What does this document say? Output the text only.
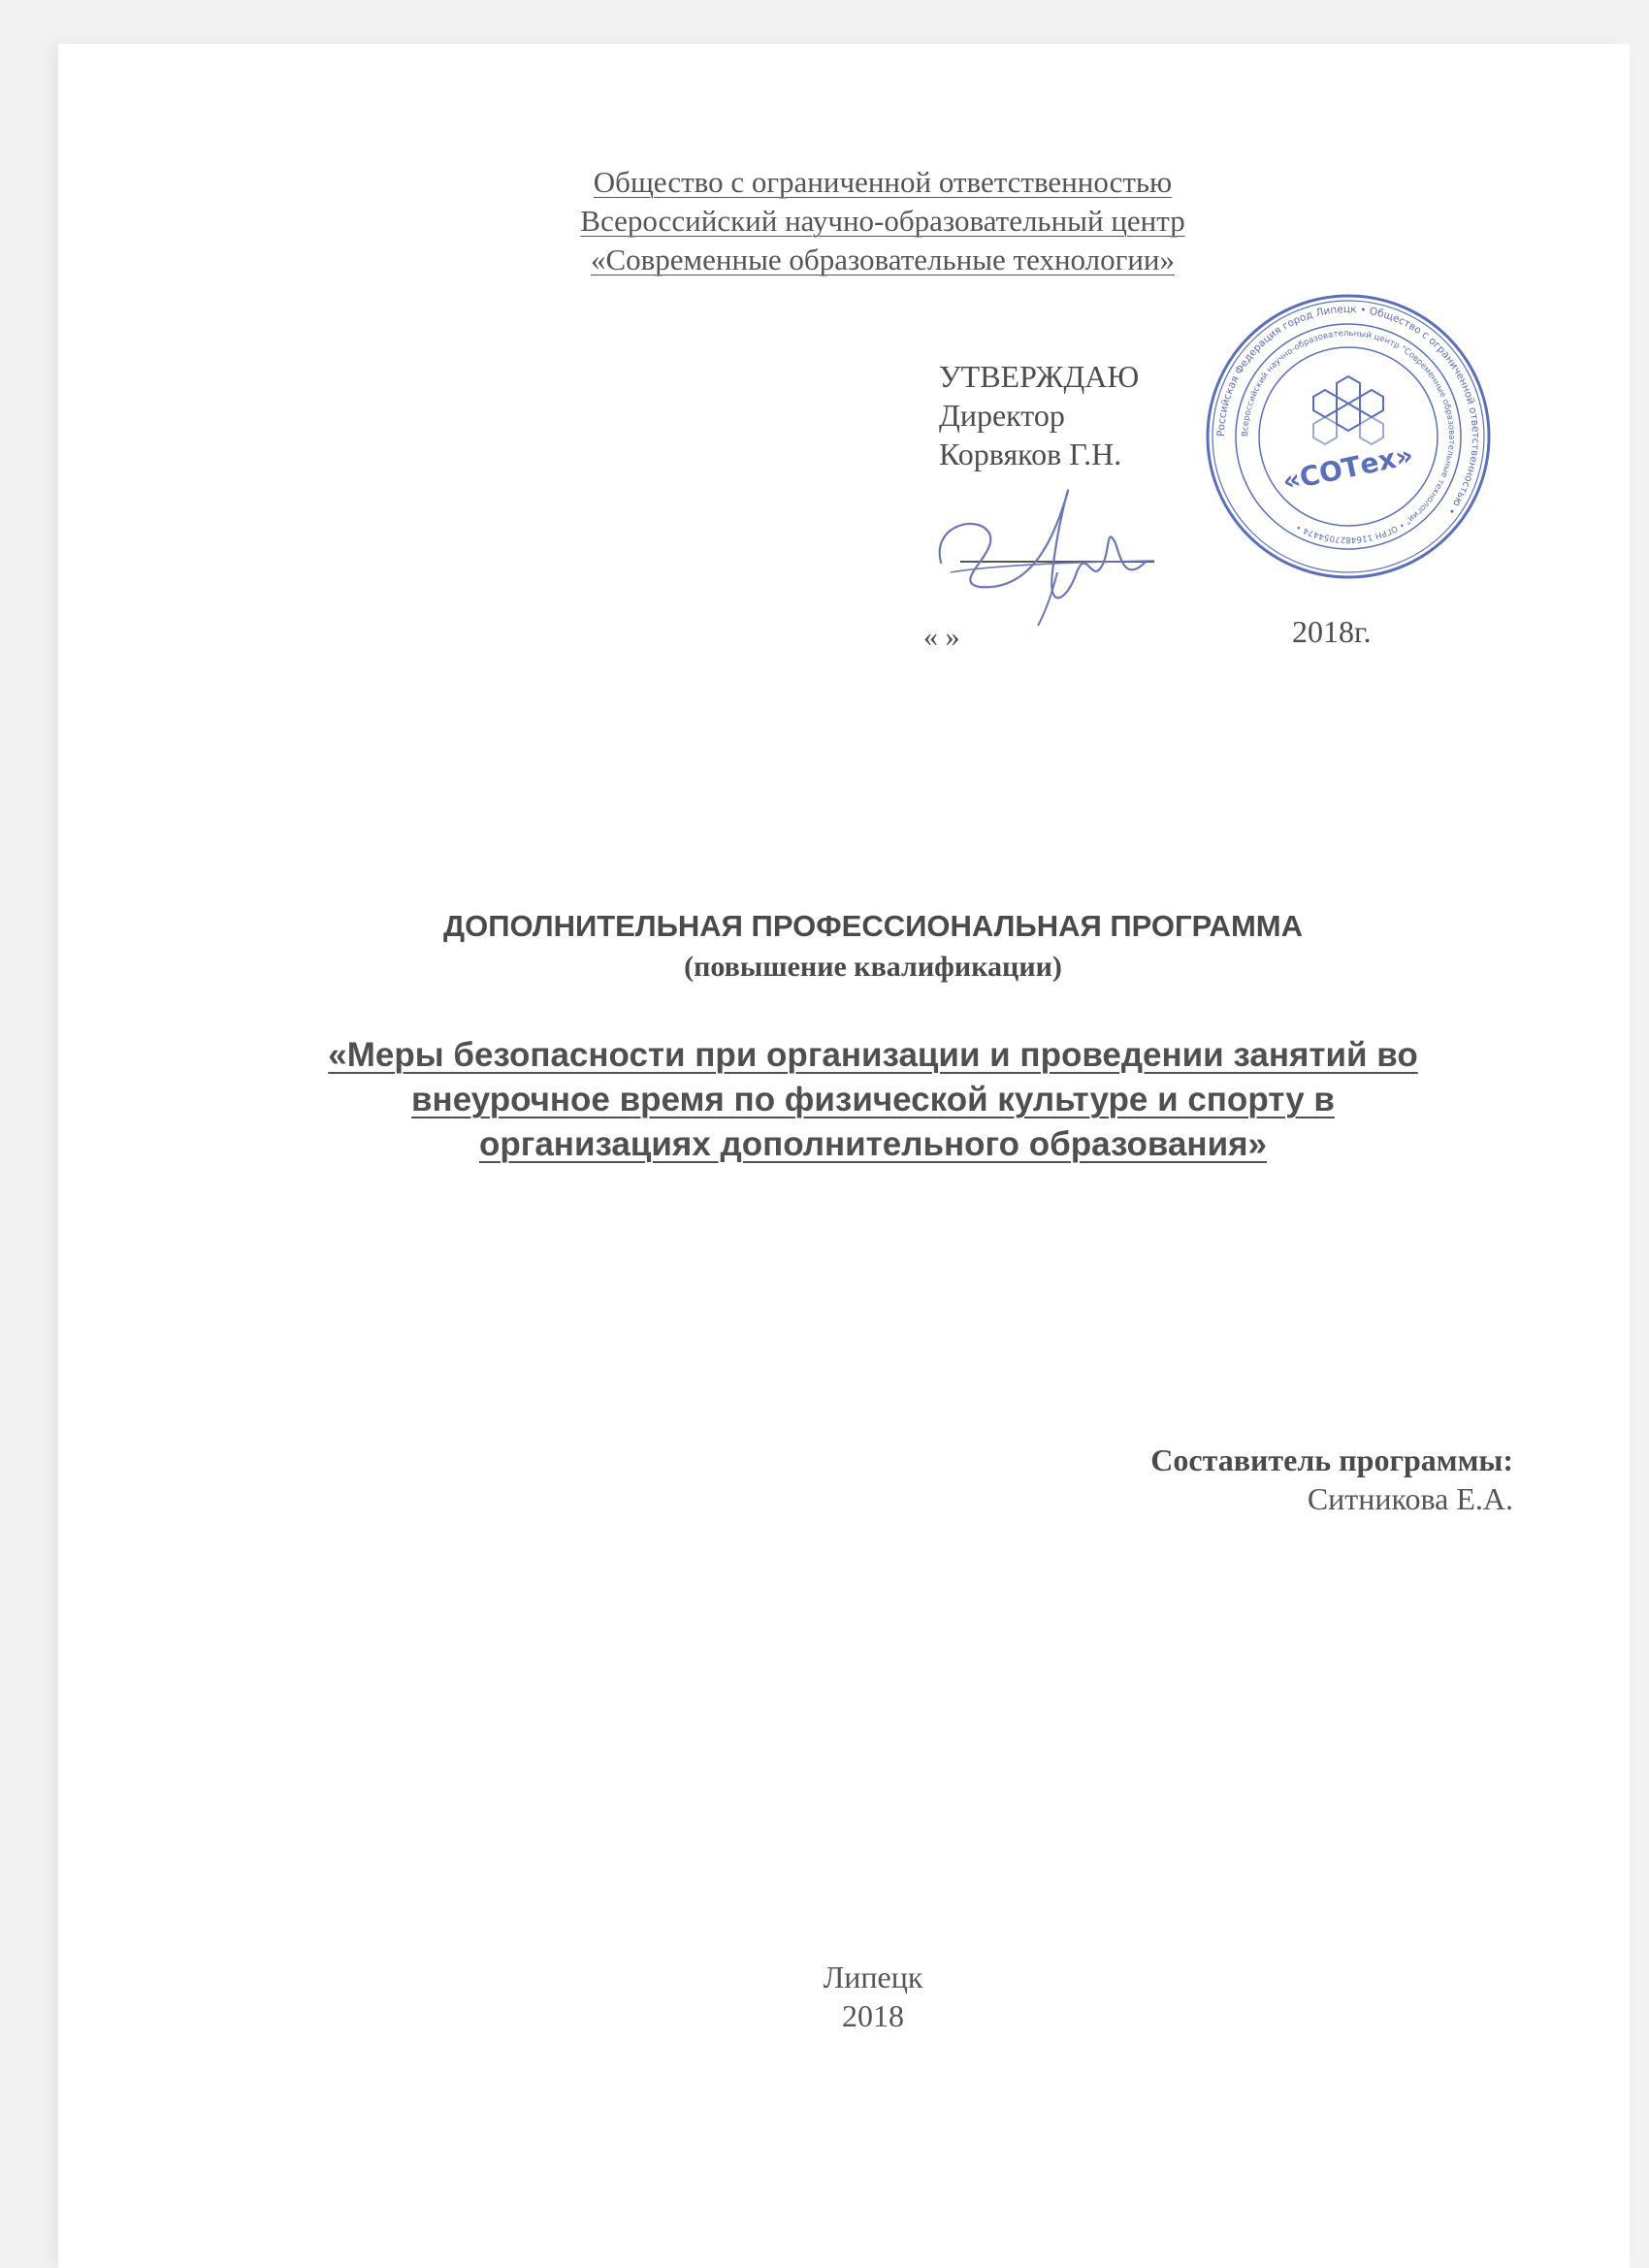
Общество с ограниченной ответственностью
Всероссийский научно-образовательный центр
«Современные образовательные технологии»
УТВЕРЖДАЮ
Директор
Корвяков Г.Н.
« »	2018г.
Российская Федерация город Липецк • Общество с ограниченной ответственностью •
Всероссийский научно-образовательный центр "Современные образовательные технологии" • ОГРН 1164827054474 •
«СОТех»
ДОПОЛНИТЕЛЬНАЯ ПРОФЕССИОНАЛЬНАЯ ПРОГРАММА
(повышение квалификации)
«Меры безопасности при организации и проведении занятий во
внеурочное время по физической культуре и спорту в
организациях дополнительного образования»
Составитель программы:
Ситникова Е.А.
Липецк
2018
